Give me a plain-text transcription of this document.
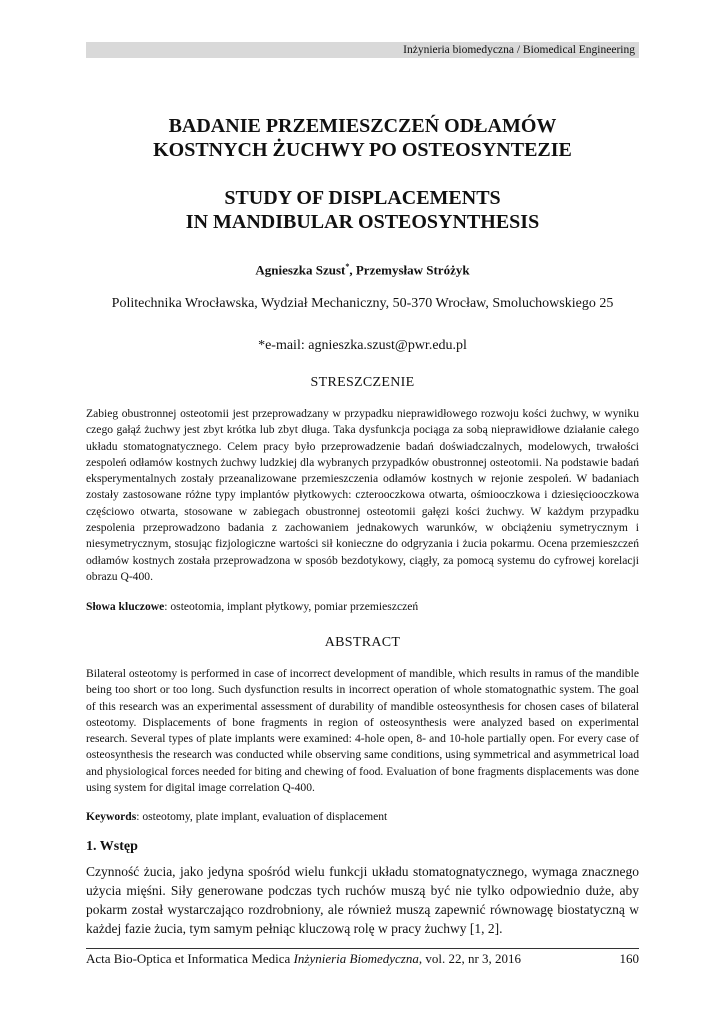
Inżynieria biomedyczna / Biomedical Engineering
BADANIE PRZEMIESZCZEŃ ODŁAMÓW
KOSTNYCH ŻUCHWY PO OSTEOSYNTEZIE
STUDY OF DISPLACEMENTS
IN MANDIBULAR OSTEOSYNTHESIS
Agnieszka Szust*, Przemysław Stróżyk
Politechnika Wrocławska, Wydział Mechaniczny, 50-370 Wrocław, Smoluchowskiego 25
*e-mail: agnieszka.szust@pwr.edu.pl
STRESZCZENIE

Zabieg obustronnej osteotomii jest przeprowadzany w przypadku nieprawidłowego rozwoju kości żuchwy, w wyniku czego gałąź żuchwy jest zbyt krótka lub zbyt długa. Taka dysfunkcja pociąga za sobą nieprawidłowe działanie całego układu stomatognatycznego. Celem pracy było przeprowadzenie badań doświadczalnych, modelowych, trwałości zespoleń odłamów kostnych żuchwy ludzkiej dla wybranych przypadków obustronnej osteotomii. Na podstawie badań eksperymentalnych zostały przeanalizowane przemieszczenia odłamów kostnych w rejonie zespoleń. W badaniach zostały zastosowane różne typy implantów płytkowych: czterooczkowa otwarta, ośmiooczkowa i dziesięciooczkowa częściowo otwarta, stosowane w zabiegach obustronnej osteotomii gałęzi kości żuchwy. W każdym przypadku zespolenia przeprowadzono badania z zachowaniem jednakowych warunków, w obciążeniu symetrycznym i niesymetrycznym, stosując fizjologiczne wartości sił konieczne do odgryzania i żucia pokarmu. Ocena przemieszczeń odłamów kostnych została przeprowadzona w sposób bezdotykowy, ciągły, za pomocą systemu do cyfrowej korelacji obrazu Q-400.

Słowa kluczowe: osteotomia, implant płytkowy, pomiar przemieszczeń
ABSTRACT

Bilateral osteotomy is performed in case of incorrect development of mandible, which results in ramus of the mandible being too short or too long. Such dysfunction results in incorrect operation of whole stomatognathic system. The goal of this research was an experimental assessment of durability of mandible osteosynthesis for chosen cases of bilateral osteotomy. Displacements of bone fragments in region of osteosynthesis were analyzed based on experimental research. Several types of plate implants were examined: 4-hole open, 8- and 10-hole partially open. For every case of osteosynthesis the research was conducted while observing same conditions, using symmetrical and asymmetrical load and physiological forces needed for biting and chewing of food. Evaluation of bone fragments displacements was done using system for digital image correlation Q-400.

Keywords: osteotomy, plate implant, evaluation of displacement
1. Wstęp

Czynność żucia, jako jedyna spośród wielu funkcji układu stomatognatycznego, wymaga znacznego użycia mięśni. Siły generowane podczas tych ruchów muszą być nie tylko odpowiednio duże, aby pokarm został wystarczająco rozdrobniony, ale również muszą zapewnić równowagę biostatyczną w każdej fazie żucia, tym samym pełniąc kluczową rolę w pracy żuchwy [1, 2].

Acta Bio-Optica et Informatica Medica Inżynieria Biomedyczna, vol. 22, nr 3, 2016	160
